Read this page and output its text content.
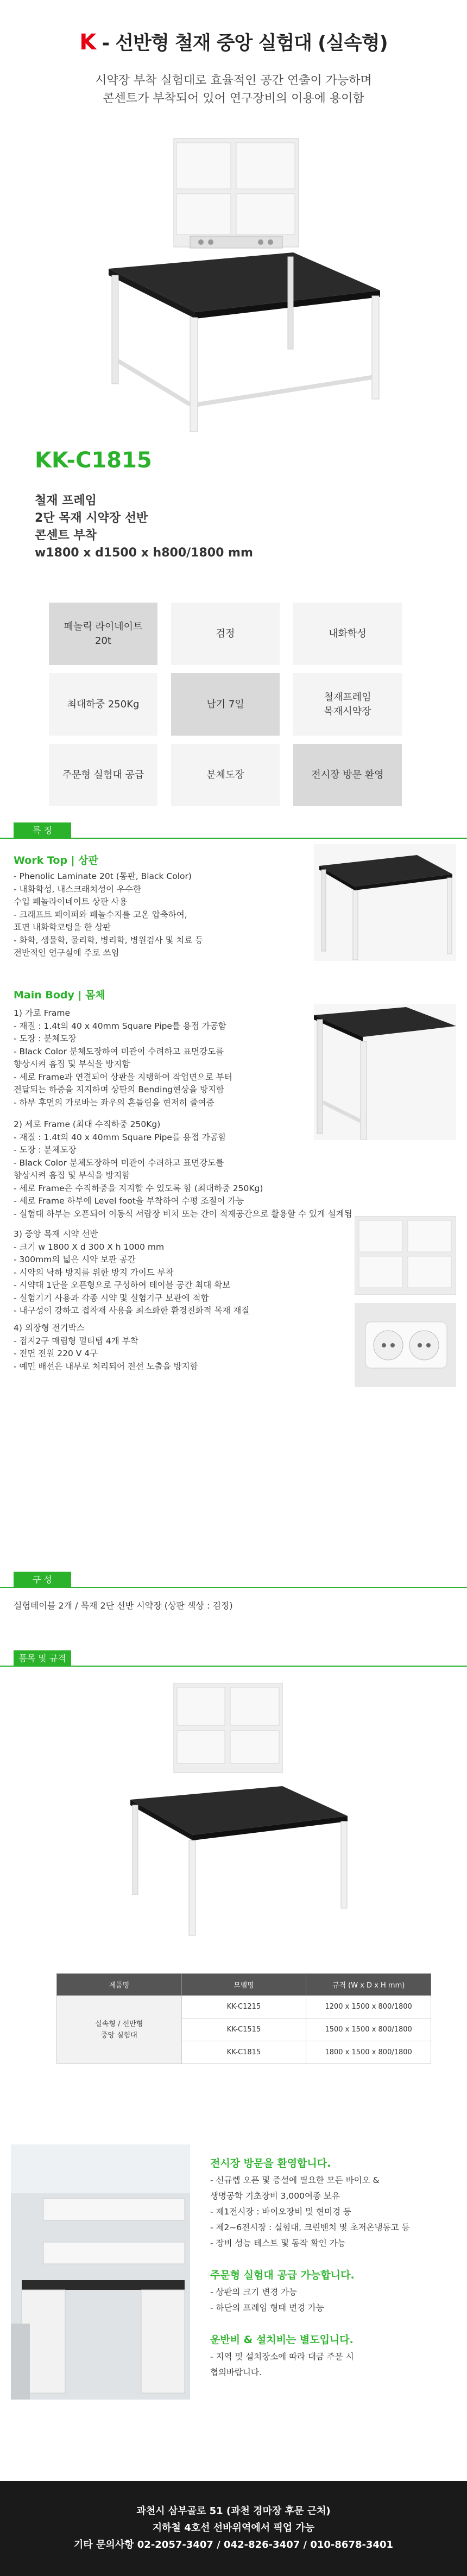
K - 선반형 철재 중앙 실험대 (실속형)
시약장 부착 실험대로 효율적인 공간 연출이 가능하며
콘센트가 부착되어 있어 연구장비의 이용에 용이함
KK-C1815
철재 프레임
2단 목재 시약장 선반
콘센트 부착
w1800 x d1500 x h800/1800 mm
페놀릭 라이네이트
20t
검정	내화학성
최대하중 250Kg	납기 7일
철재프레임
목재시약장
주문형 실험대 공급	분체도장	전시장 방문 환영
특 징
Work Top | 상판
- Phenolic Laminate 20t (통판, Black Color)
- 내화학성, 내스크래치성이 우수한
수입 페놀라이네이트 상판 사용
- 크래프트 페이퍼와 페놀수지를 고온 압축하여,
표면 내화학코팅을 한 상판
- 화학, 생물학, 물리학, 병리학, 병원검사 및 치료 등
전반적인 연구실에 주로 쓰임
Main Body | 몸체
1) 가로 Frame
- 재질 : 1.4t의 40 x 40mm Square Pipe를 용접 가공함
- 도장 : 분체도장
- Black Color 분체도장하여 미관이 수려하고 표면강도를
향상시켜 흠집 및 부식을 방지함
- 세로 Frame과 연결되어 상판을 지탱하여 작업면으로 부터
전달되는 하중을 지지하며 상판의 Bending현상을 방지함
- 하부 후면의 가로바는 좌우의 흔들림을 현저히 줄여줌
2) 세로 Frame (최대 수직하중 250Kg)
- 재질 : 1.4t의 40 x 40mm Square Pipe를 용접 가공함
- 도장 : 분체도장
- Black Color 분체도장하여 미관이 수려하고 표면강도를
향상시켜 흠집 및 부식을 방지함
- 세로 Frame은 수직하중을 지지할 수 있도록 함 (최대하중 250Kg)
- 세로 Frame 하부에 Level foot을 부착하여 수평 조절이 가능
- 실험대 하부는 오픈되어 이동식 서랍장 비치 또는 간이 적재공간으로 활용할 수 있게 설계됨
3) 중앙 목재 시약 선반
- 크기 w 1800 X d 300 X h 1000 mm
- 300mm의 넓은 시약 보관 공간
- 시약의 낙하 방지를 위한 방지 가이드 부착
- 시약대 1단을 오픈형으로 구성하여 테이블 공간 최대 확보
- 실험기기 사용과 각종 시약 및 실험기구 보관에 적합
- 내구성이 강하고 접착재 사용을 최소화한 환경친화적 목재 재질
4) 외장형 전기박스
- 접지2구 매립형 멀티탭 4개 부착
- 전면 전원 220 V 4구
- 예민 배선은 내부로 처리되어 전선 노출을 방지함
구 성
실험테이블 2개 / 목재 2단 선반 시약장 (상판 색상 : 검정)
품목 및 규격
제품명	모델명	규격 (W x D x H mm)

실속형 / 선반형
중앙 실험대	KK-C1215	1200 x 1500 x 800/1800
	KK-C1515	1500 x 1500 x 800/1800
	KK-C1815	1800 x 1500 x 800/1800
전시장 방문을 환영합니다.
- 신규렙 오픈 및 증설에 필요한 모든 바이오 &
생명공학 기초장비 3,000여종 보유
- 제1전시장 : 바이오장비 및 현미경 등
- 제2~6전시장 : 실험대, 크린벤치 및 초저온냉동고 등
- 장비 성능 테스트 및 동작 확인 가능
주문형 실험대 공급 가능합니다.
- 상판의 크기 변경 가능
- 하단의 프레임 형태 변경 가능
운반비 & 설치비는 별도입니다.
- 지역 및 설치장소에 따라 대금 주문 시
협의바랍니다.
과천시 삼부골로 51 (과천 경마장 후문 근처)
지하철 4호선 선바위역에서 픽업 가능
기타 문의사항 02-2057-3407 / 042-826-3407 / 010-8678-3401
